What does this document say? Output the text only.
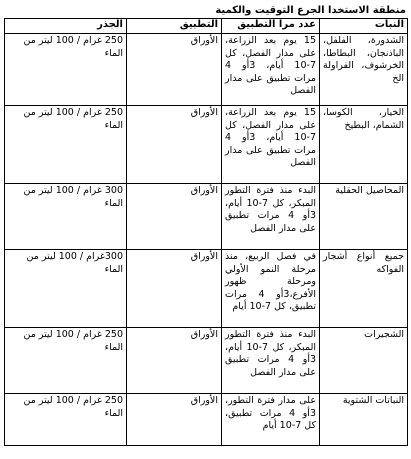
منطقة الاستخدا الجرع التوقيت والكمية
النبات	عدد مرا التطبيق	التطبيق	الجذر

الشدورة، الفلفل، الباذنجان، البطاطا، الخرشوف، الفراولة الخ	15 يوم بعد الزراعة، على مدار الفصل، كل 7-10 أيام، 3أو 4 مرات تطبيق على مدار الفصل	الأوراق	250 غرام / 100 ليتر من الماء

الخيار، الكوسا، الشمام، البطيخ	15 يوم بعد الزراعة، على مدار الفصل، كل 7-10 أيام، 3أو 4 مرات تطبيق على مدار الفصل	الأوراق	250 غرام / 100 ليتر من الماء

المحاصيل الحقلية	البدء منذ فترة التطور المبكر، كل 7-10 أيام، 3أو 4 مرات تطبيق على مدار الفصل	الأوراق	300 غرام / 100 ليتر من الماء

جميع أنواع أشجار الفواكه	في فصل الربيع، منذ مرحلة النمو الأولي ومرحلة ظهور الأفرع،3أو 4 مرات تطبيق، كل 7-10 أيام	الأوراق	300غرام / 100 ليتر من الماء

الشجيرات	البدء منذ فترة التطور المبكر، كل 7-10 أيام، 3أو 4 مرات تطبيق على مدار الفصل	الأوراق	250 غرام / 100 ليتر من الماء

النباتات الشتوية	على مدار فترة التطور، 3أو 4 مرات تطبيق، كل 7-10 أيام	الأوراق	250 غرام / 100 ليتر من الماء
